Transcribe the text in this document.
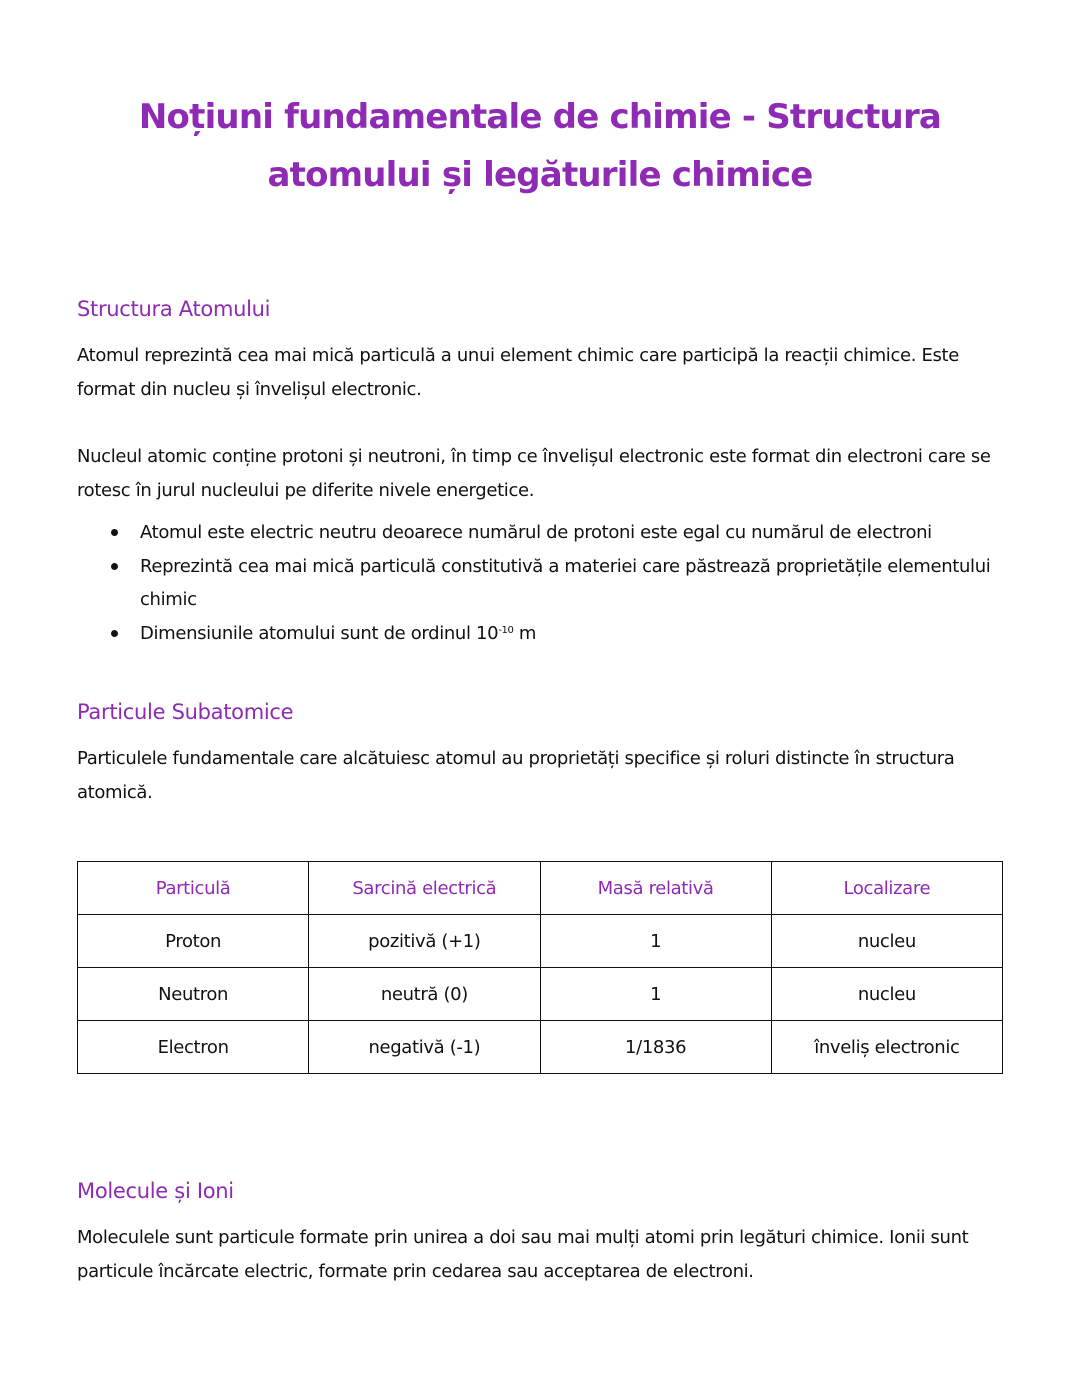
Noțiuni fundamentale de chimie - Structura atomului și legăturile chimice
Structura Atomului

Atomul reprezintă cea mai mică particulă a unui element chimic care participă la reacții chimice. Este format din nucleu și învelișul electronic.

Nucleul atomic conține protoni și neutroni, în timp ce învelișul electronic este format din electroni care se rotesc în jurul nucleului pe diferite nivele energetice.

Atomul este electric neutru deoarece numărul de protoni este egal cu numărul de electroni
Reprezintă cea mai mică particulă constitutivă a materiei care păstrează proprietățile elementului chimic
Dimensiunile atomului sunt de ordinul $10^{-10}$ m
Particule Subatomice

Particulele fundamentale care alcătuiesc atomul au proprietăți specifice și roluri distincte în structura atomică.

Particulă	Sarcină electrică	Masă relativă	Localizare
Proton	pozitivă (+1)	1	nucleu
Neutron	neutră (0)	1	nucleu
Electron	negativă (-1)	1/1836	înveliș electronic
Molecule și Ioni

Moleculele sunt particule formate prin unirea a doi sau mai mulți atomi prin legături chimice. Ionii sunt particule încărcate electric, formate prin cedarea sau acceptarea de electroni.
